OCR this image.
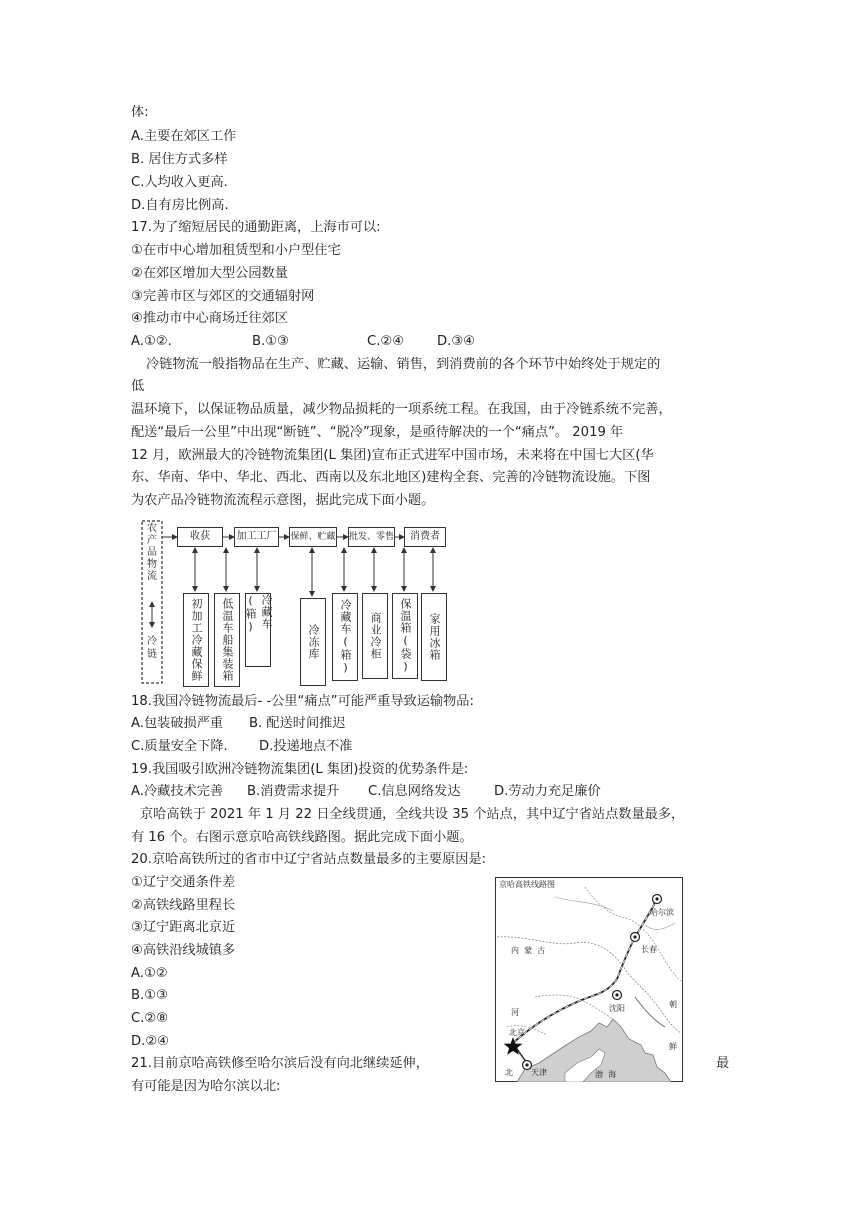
体:
A.主要在郊区工作
B. 居住方式多样
C.人均收入更高.
D.自有房比例高.
17.为了缩短居民的通勤距离，上海市可以:
①在市中心增加租赁型和小户型住宅
②在郊区增加大型公园数量
③完善市区与郊区的交通辐射网
④推动市中心商场迁往郊区
A.①②.	B.①③	C.②④ D.③④
冷链物流一般指物品在生产、贮藏、运输、销售，到消费前的各个环节中始终处于规定的
低
温环境下，以保证物品质量，减少物品损耗的一项系统工程。在我国，由于冷链系统不完善，
配送“最后一公里”中出现“断链”、“脱冷”现象，是亟待解决的一个“痛点”。 2019 年
12 月，欧洲最大的冷链物流集团(L 集团)宣布正式进军中国市场，未来将在中国七大区(华
东、华南、华中、华北、西北、西南以及东北地区)建构全套、完善的冷链物流设施。下图
为农产品冷链物流流程示意图，据此完成下面小题。
农产品物流
冷链
收获	加工工厂 保鲜、贮藏 批发、零售	消费者
初加工冷藏保鲜	低温车船集装箱	冷藏车(箱)
冷冻库	冷藏车(箱)	商业冷柜	保温箱(袋)	家用冰箱
18.我国冷链物流最后- -公里“痛点”可能严重导致运输物品:
A.包装破损严重 B. 配送时间推迟
C.质量安全下降. D.投递地点不准
19.我国吸引欧洲冷链物流集团(L 集团)投资的优势条件是:
A.冷藏技术完善 B.消费需求提升 C.信息网络发达	D.劳动力充足廉价
京哈高铁于 2021 年 1 月 22 日全线贯通，全线共设 35 个站点，其中辽宁省站点数量最多，
有 16 个。右图示意京哈高铁线路图。据此完成下面小题。
20.京哈高铁所过的省市中辽宁省站点数量最多的主要原因是:
①辽宁交通条件差
②高铁线路里程长
③辽宁距离北京近
④高铁沿线城镇多
A.①②
B.①③
C.②⑧
D.②④
21.目前京哈高铁修至哈尔滨后没有向北继续延伸，	最
有可能是因为哈尔滨以北:
京哈高铁线路图
哈尔滨
长春
沈阳
北京
天津
内  蒙  古
河
北
朝
鲜
渤  海
